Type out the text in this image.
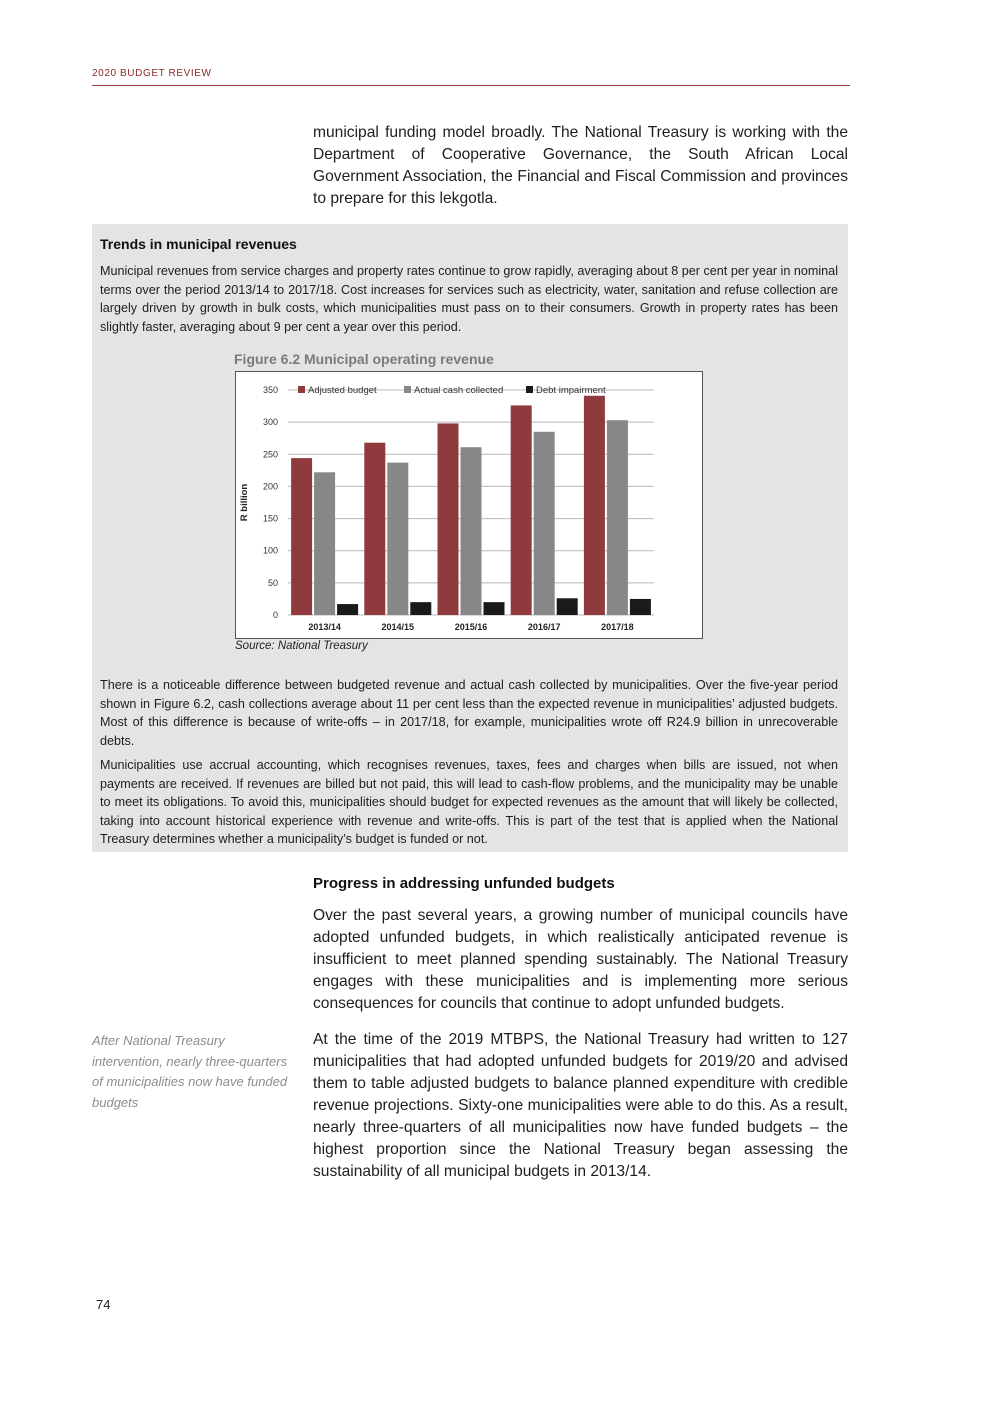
2020 BUDGET REVIEW

municipal funding model broadly. The National Treasury is working with the Department of Cooperative Governance, the South African Local Government Association, the Financial and Fiscal Commission and provinces to prepare for this lekgotla.

Trends in municipal revenues

Municipal revenues from service charges and property rates continue to grow rapidly, averaging about 8 per cent per year in nominal terms over the period 2013/14 to 2017/18. Cost increases for services such as electricity, water, sanitation and refuse collection are largely driven by growth in bulk costs, which municipalities must pass on to their consumers. Growth in property rates has been slightly faster, averaging about 9 per cent a year over this period.

Figure 6.2 Municipal operating revenue
0
50
100
150
200
250
300
350
R billion
2013/14	2014/15	2015/16	2016/17	2017/18
Adjusted budget	Actual cash collected	Debt impairment
Source: National Treasury

There is a noticeable difference between budgeted revenue and actual cash collected by municipalities. Over the five-year period shown in Figure 6.2, cash collections average about 11 per cent less than the expected revenue in municipalities’ adjusted budgets. Most of this difference is because of write-offs – in 2017/18, for example, municipalities wrote off R24.9 billion in unrecoverable debts.

Municipalities use accrual accounting, which recognises revenues, taxes, fees and charges when bills are issued, not when payments are received. If revenues are billed but not paid, this will lead to cash-flow problems, and the municipality may be unable to meet its obligations. To avoid this, municipalities should budget for expected revenues as the amount that will likely be collected, taking into account historical experience with revenue and write-offs. This is part of the test that is applied when the National Treasury determines whether a municipality’s budget is funded or not.

Progress in addressing unfunded budgets

Over the past several years, a growing number of municipal councils have adopted unfunded budgets, in which realistically anticipated revenue is insufficient to meet planned spending sustainably. The National Treasury engages with these municipalities and is implementing more serious consequences for councils that continue to adopt unfunded budgets.

After National Treasury intervention, nearly three-quarters of municipalities now have funded budgets

At the time of the 2019 MTBPS, the National Treasury had written to 127 municipalities that had adopted unfunded budgets for 2019/20 and advised them to table adjusted budgets to balance planned expenditure with credible revenue projections. Sixty-one municipalities were able to do this. As a result, nearly three-quarters of all municipalities now have funded budgets – the highest proportion since the National Treasury began assessing the sustainability of all municipal budgets in 2013/14.

74
